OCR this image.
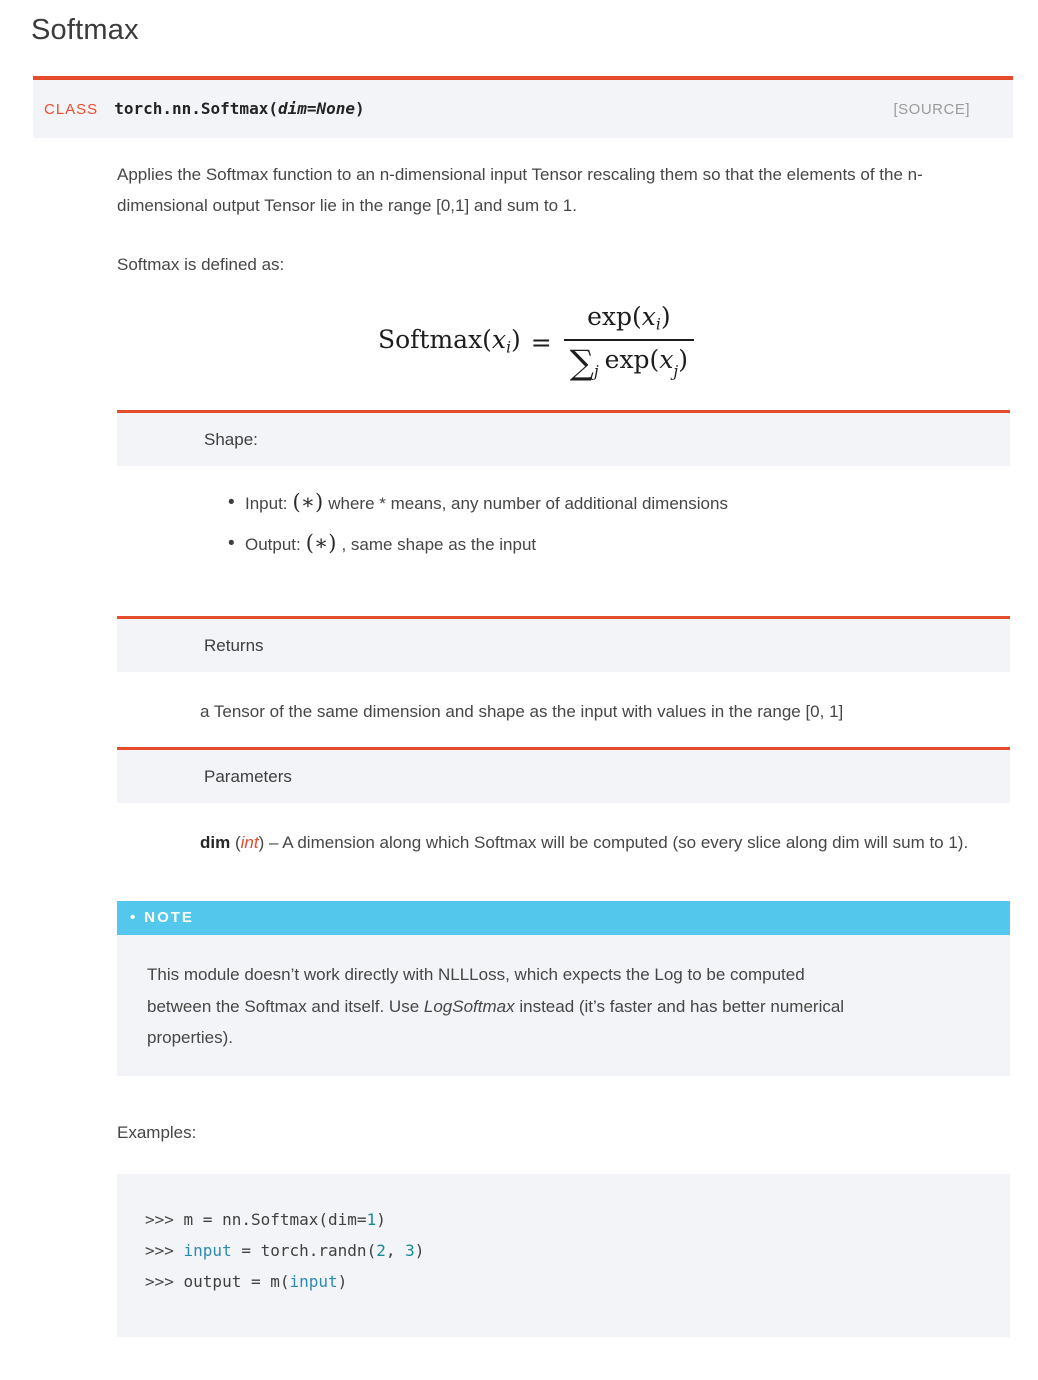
Softmax
CLASS torch.nn.Softmax(dim=None)	[SOURCE]

Applies the Softmax function to an n-dimensional input Tensor rescaling them so that the elements of the n-dimensional output Tensor lie in the range [0,1] and sum to 1.

Softmax is defined as:

$Softmax(x_i) = \frac{\exp(x_i)}{\sum_j \exp(x_j)}$
Shape:
• Input: (∗) where * means, any number of additional dimensions
• Output: (∗) , same shape as the input
Returns

a Tensor of the same dimension and shape as the input with values in the range [0, 1]

Parameters

dim (int) – A dimension along which Softmax will be computed (so every slice along dim will sum to 1).

• NOTE
This module doesn’t work directly with NLLLoss, which expects the Log to be computed between the Softmax and itself. Use LogSoftmax instead (it’s faster and has better numerical properties).

Examples:

>>> m = nn.Softmax(dim=1)
>>> input = torch.randn(2, 3)
>>> output = m(input)
